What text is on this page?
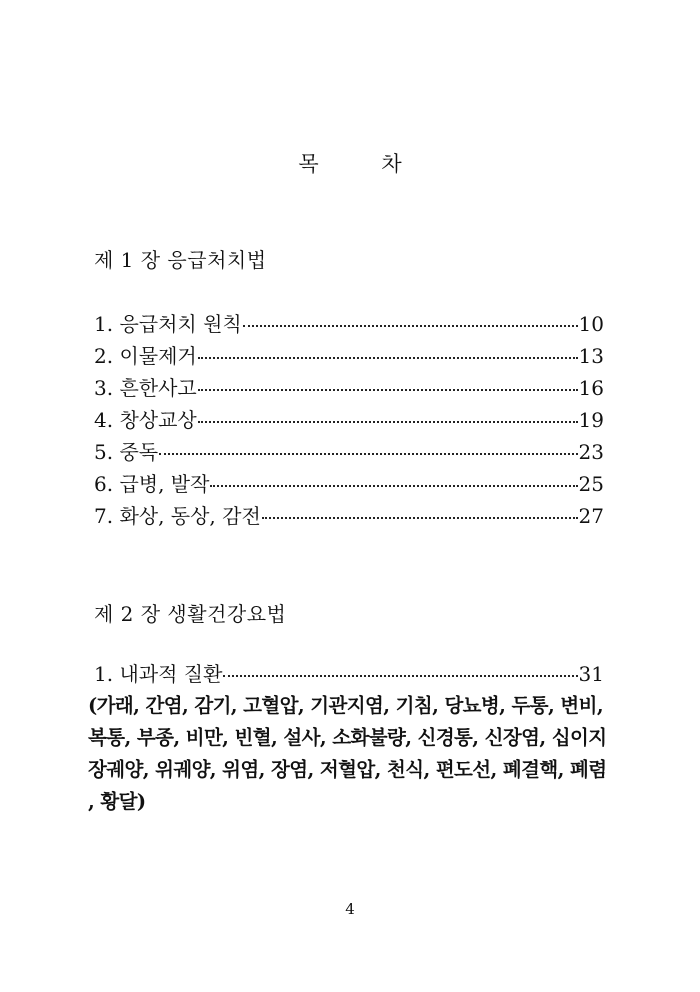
목 차
제 1 장 응급처치법
1. 응급처치 원칙	10
2. 이물제거	13
3. 흔한사고	16
4. 창상교상	19
5. 중독	23
6. 급병, 발작	25
7. 화상, 동상, 감전	27
제 2 장 생활건강요법
1. 내과적 질환	31
(가래, 간염, 감기, 고혈압, 기관지염, 기침, 당뇨병, 두통, 변비, 복통, 부종, 비만, 빈혈, 설사, 소화불량, 신경통, 신장염, 십이지 장궤양, 위궤양, 위염, 장염, 저혈압, 천식, 편도선, 폐결핵, 폐렴 , 황달)
4
